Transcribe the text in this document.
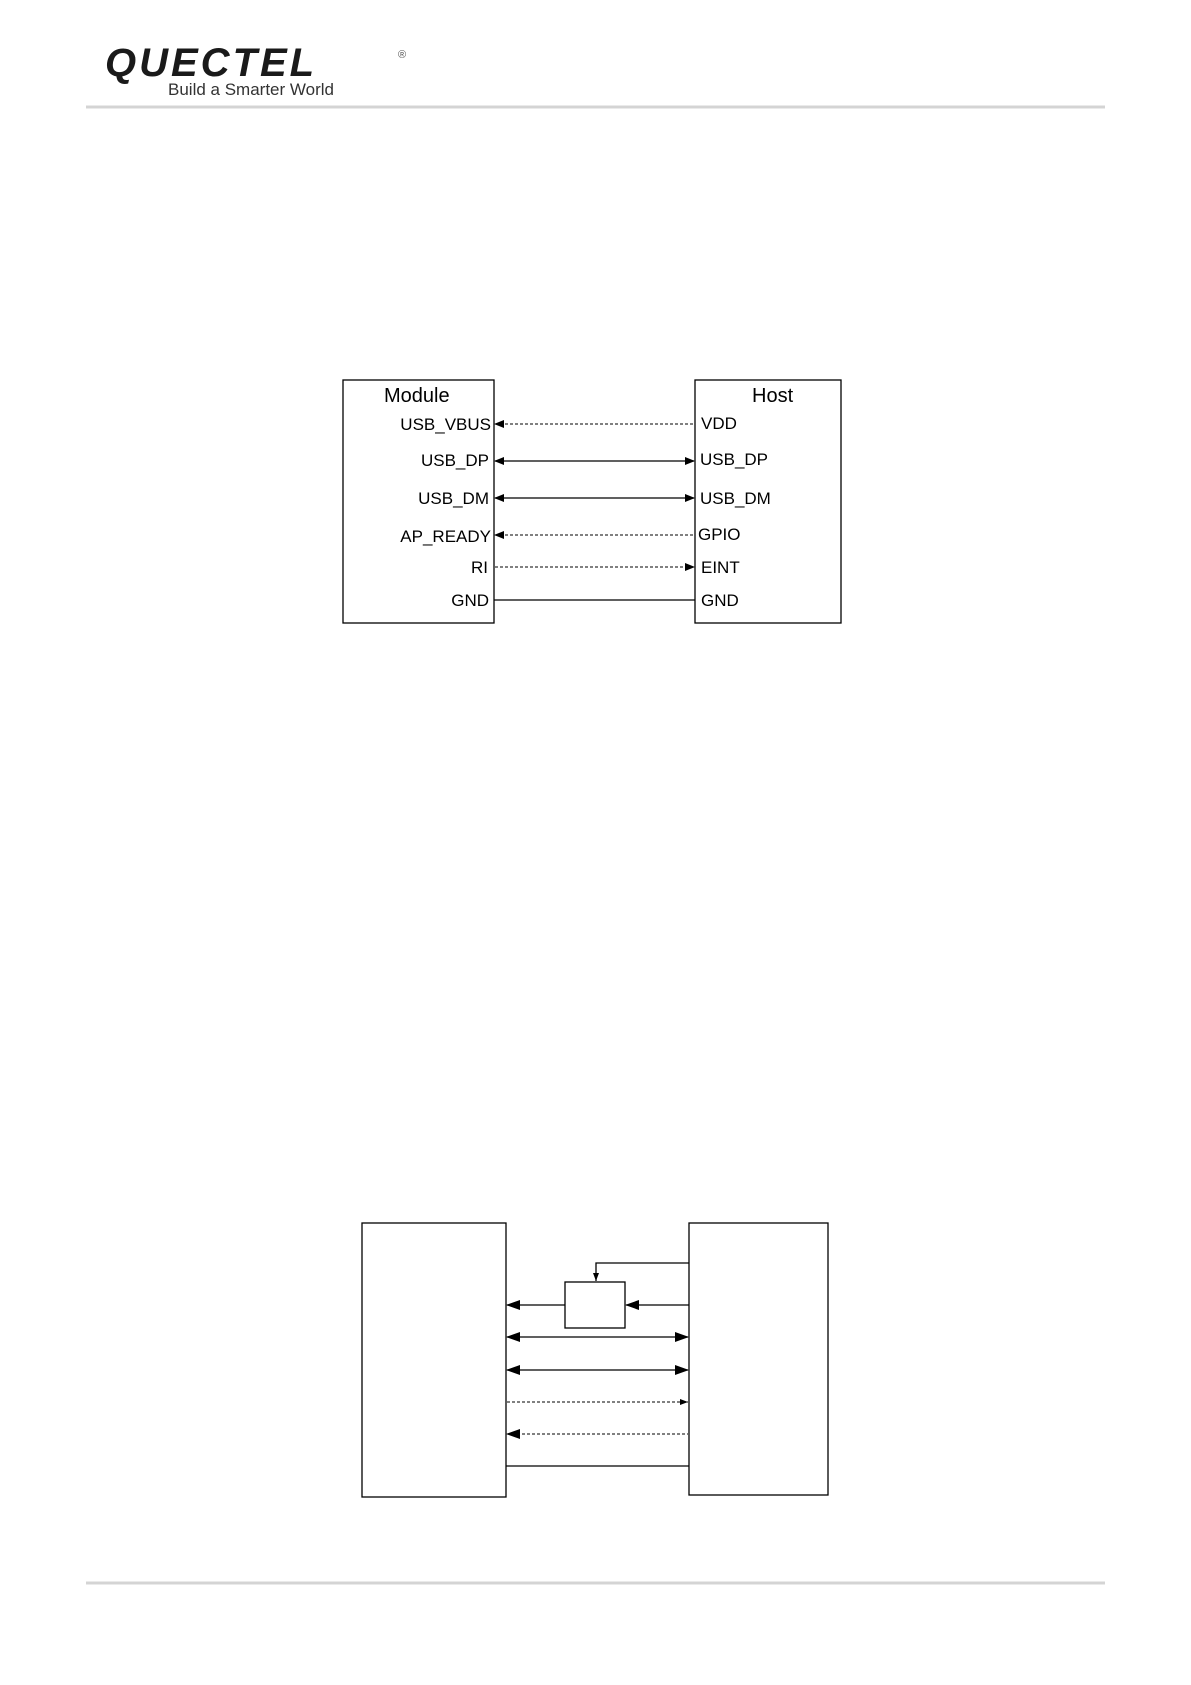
QUECTEL	®
Build a Smarter World
Module	Host
USB_VBUS	VDD
USB_DP	USB_DP
USB_DM	USB_DM
AP_READY	GPIO
RI	EINT
GND	GND
